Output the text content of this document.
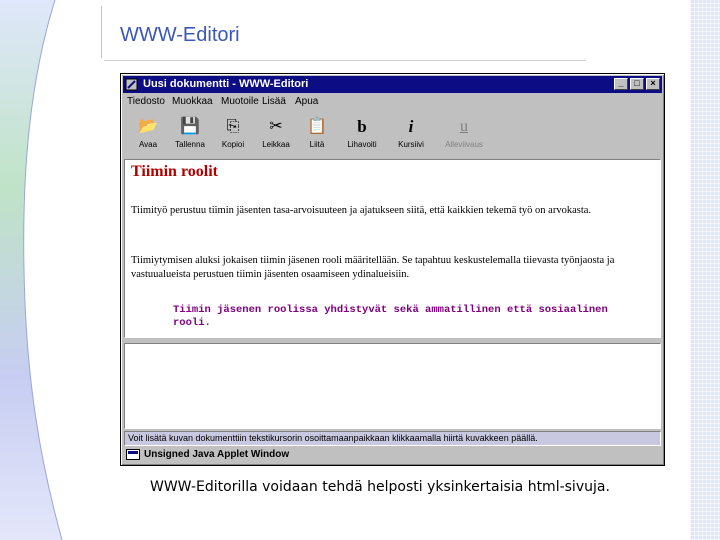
WWW-Editori
Uusi dokumentti - WWW-Editori	_	□	×
Tiedosto Muokkaa Muotoile Lisää Apua
📂
Avaa
💾
Tallenna
⎘
Kopioi
✂
Leikkaa
📋
Liitä
b
Lihavoiti
i
Kursiivi
u
Alleviivaus
Tiimin roolit
Tiimityö perustuu tiimin jäsenten tasa-arvoisuuteen ja ajatukseen siitä, että kaikkien tekemä työ on arvokasta.
Tiimiytymisen aluksi jokaisen tiimin jäsenen rooli määritellään. Se tapahtuu keskustelemalla tiievasta työnjaosta ja vastuualueista perustuen tiimin jäsenten osaamiseen ydinalueisiin.
Tiimin jäsenen roolissa yhdistyvät sekä ammatillinen että sosiaalinen rooli.
Voit lisätä kuvan dokumenttiin tekstikursorin osoittamaanpaikkaan klikkaamalla hiirtä kuvakkeen päällä.
Unsigned Java Applet Window
WWW-Editorilla voidaan tehdä helposti yksinkertaisia html-sivuja.
